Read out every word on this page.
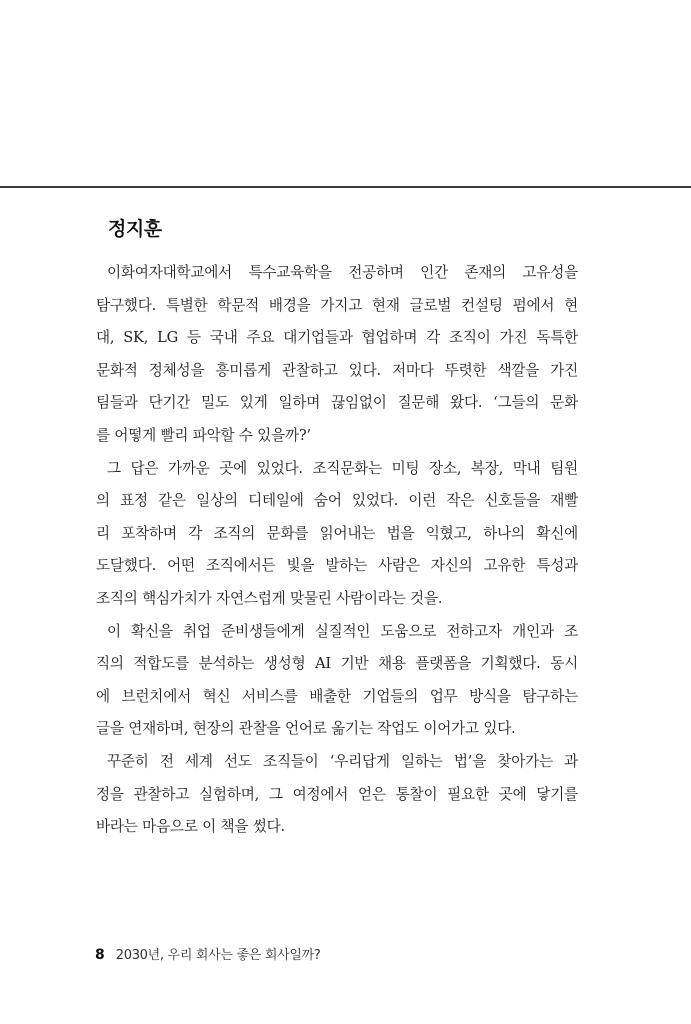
정지훈
이화여자대학교에서 특수교육학을 전공하며 인간 존재의 고유성을
탐구했다. 특별한 학문적 배경을 가지고 현재 글로벌 컨설팅 펌에서 현
대, SK, LG 등 국내 주요 대기업들과 협업하며 각 조직이 가진 독특한
문화적 정체성을 흥미롭게 관찰하고 있다. 저마다 뚜렷한 색깔을 가진
팀들과 단기간 밀도 있게 일하며 끊임없이 질문해 왔다. ‘그들의 문화
를 어떻게 빨리 파악할 수 있을까?’
그 답은 가까운 곳에 있었다. 조직문화는 미팅 장소, 복장, 막내 팀원
의 표정 같은 일상의 디테일에 숨어 있었다. 이런 작은 신호들을 재빨
리 포착하며 각 조직의 문화를 읽어내는 법을 익혔고, 하나의 확신에
도달했다. 어떤 조직에서든 빛을 발하는 사람은 자신의 고유한 특성과
조직의 핵심가치가 자연스럽게 맞물린 사람이라는 것을.
이 확신을 취업 준비생들에게 실질적인 도움으로 전하고자 개인과 조
직의 적합도를 분석하는 생성형 AI 기반 채용 플랫폼을 기획했다. 동시
에 브런치에서 혁신 서비스를 배출한 기업들의 업무 방식을 탐구하는
글을 연재하며, 현장의 관찰을 언어로 옮기는 작업도 이어가고 있다.
꾸준히 전 세계 선도 조직들이 ‘우리답게 일하는 법’을 찾아가는 과
정을 관찰하고 실험하며, 그 여정에서 얻은 통찰이 필요한 곳에 닿기를
바라는 마음으로 이 책을 썼다.
8 2030년, 우리 회사는 좋은 회사일까?
